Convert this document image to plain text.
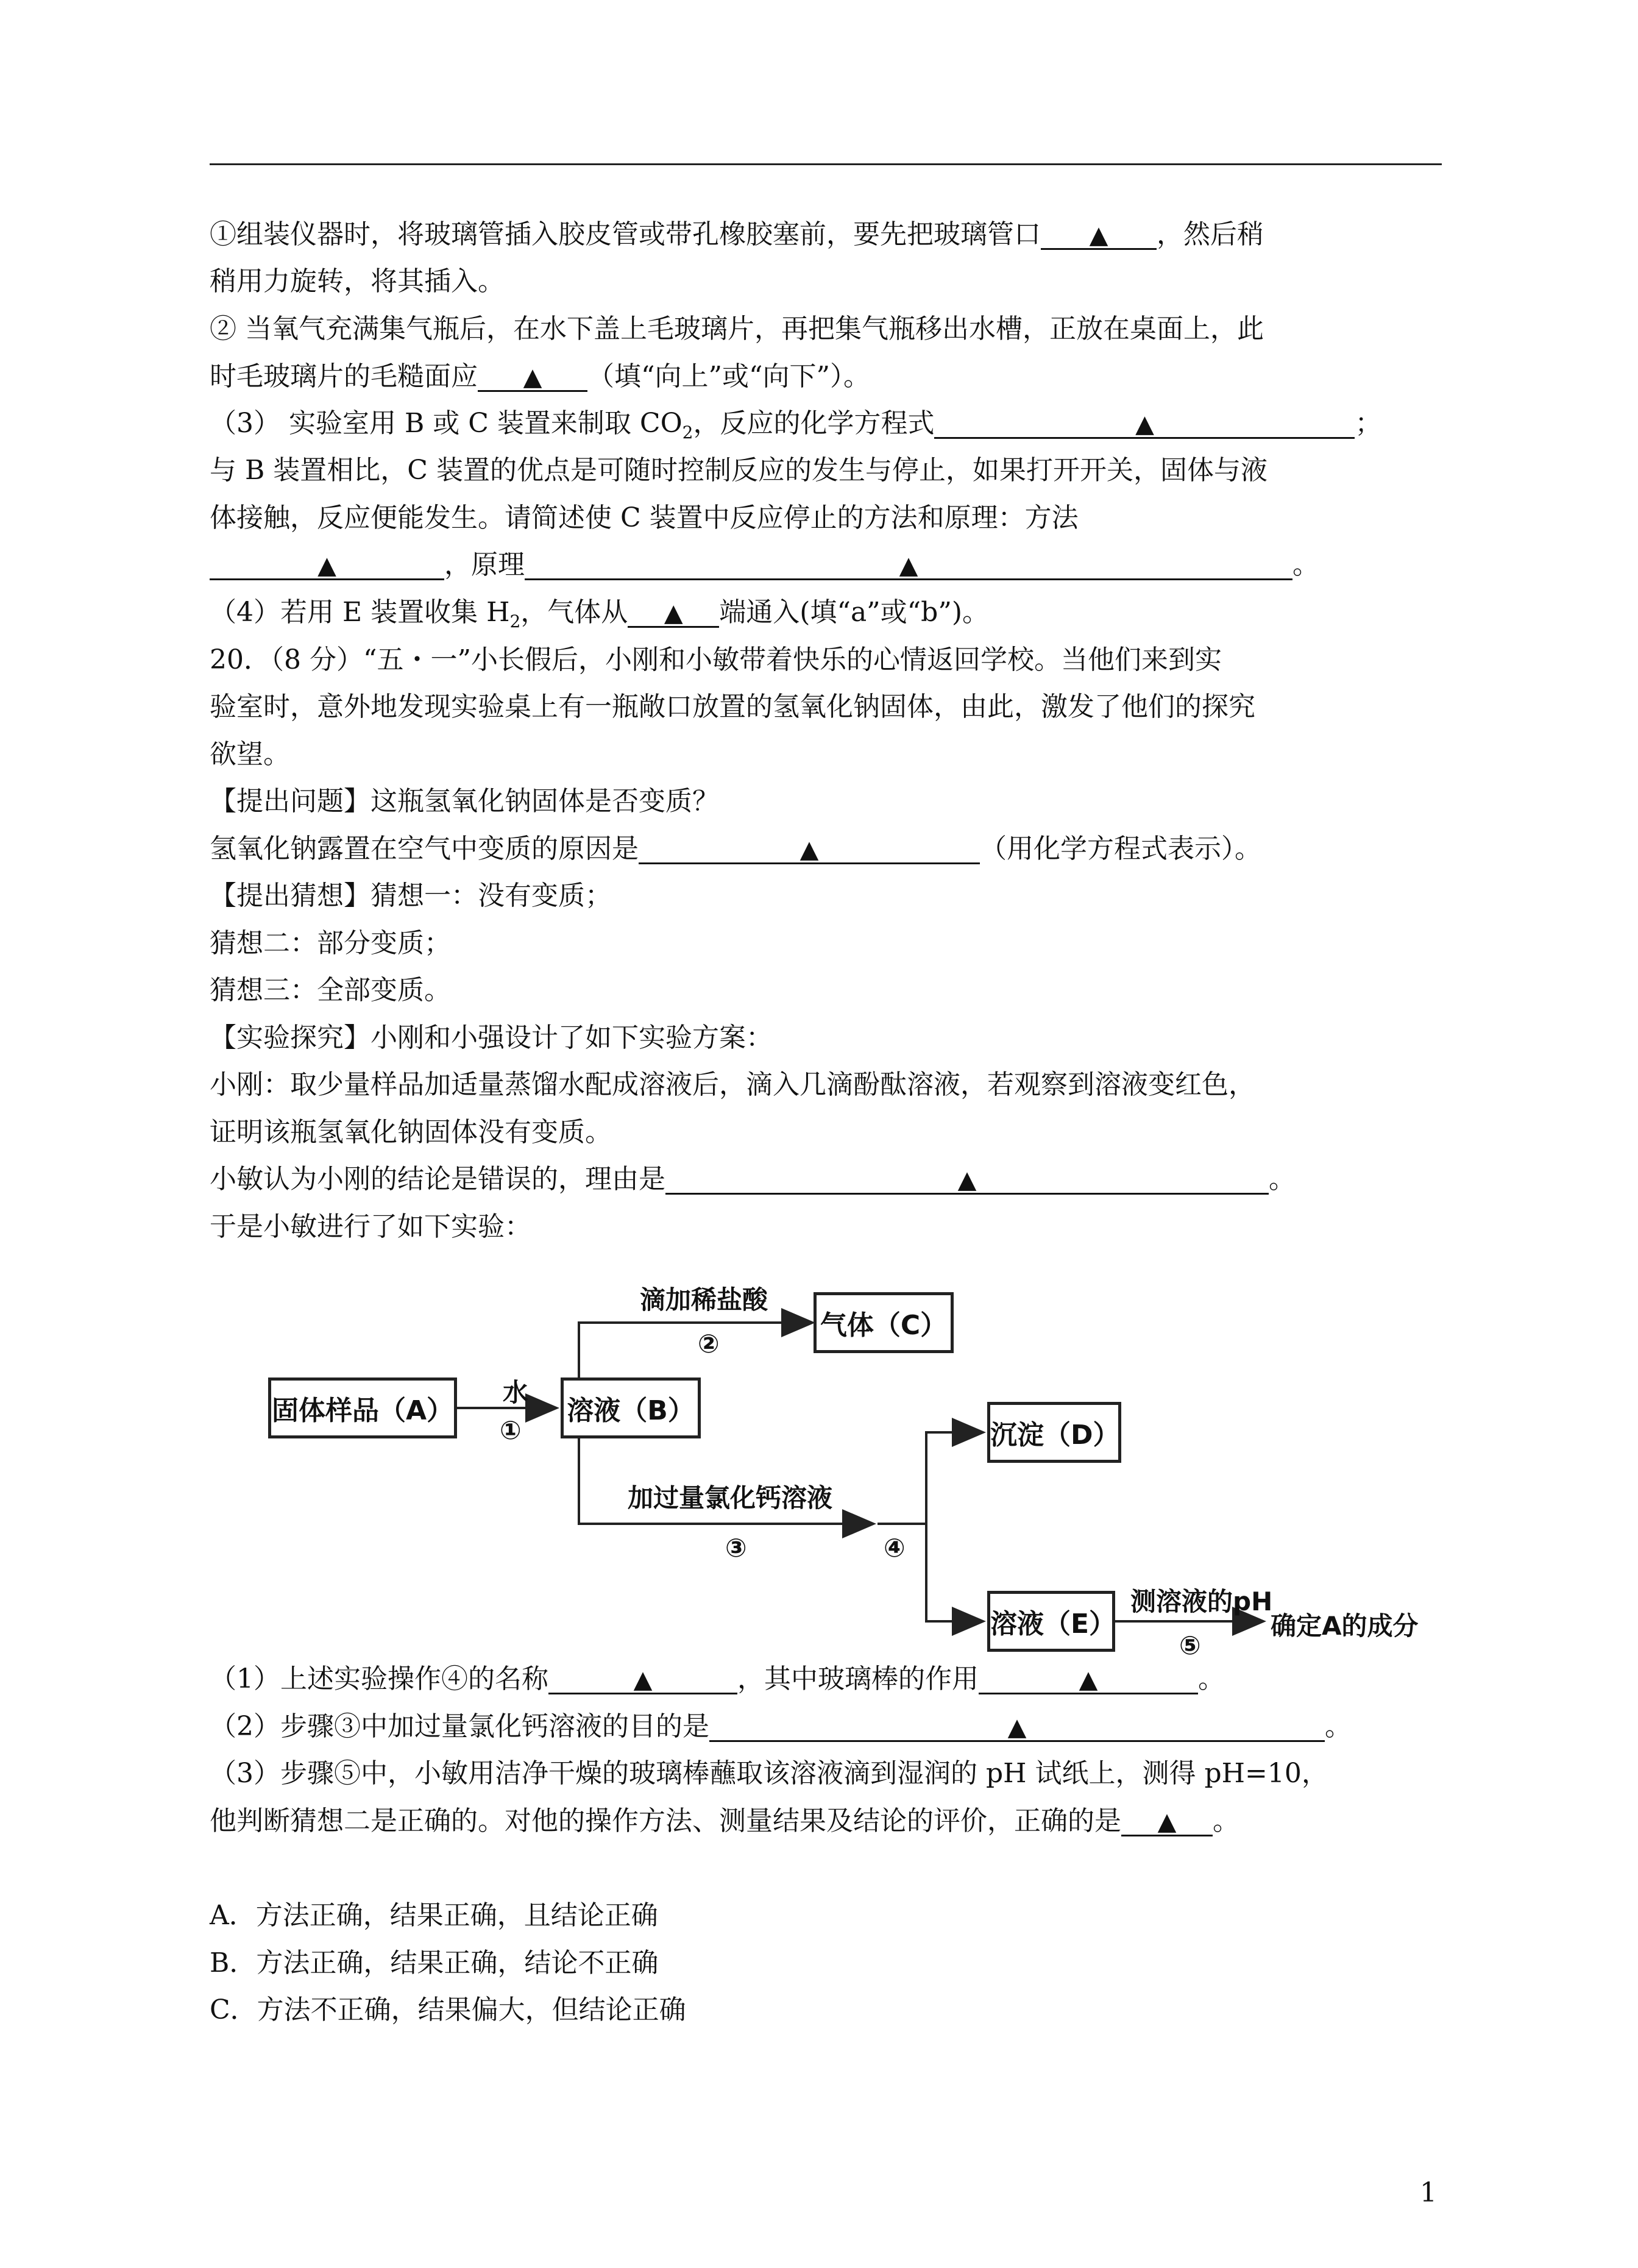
①组装仪器时，将玻璃管插入胶皮管或带孔橡胶塞前，要先把玻璃管口 ▲ ，然后稍
稍用力旋转，将其插入。
② 当氧气充满集气瓶后，在水下盖上毛玻璃片，再把集气瓶移出水槽，正放在桌面上，此
时毛玻璃片的毛糙面应 ▲ （填“向上”或“向下”）。
（3） 实验室用 B 或 C 装置来制取 $CO_2$，反应的化学方程式	▲	；
与 B 装置相比，C 装置的优点是可随时控制反应的发生与停止，如果打开开关，固体与液
体接触，反应便能发生。请简述使 C 装置中反应停止的方法和原理：方法
▲	，原理	▲	。
（4）若用 E 装置收集 $H_2$，气体从 ▲ 端通入(填“a”或“b”)。
20．（8 分）“五・一”小长假后，小刚和小敏带着快乐的心情返回学校。当他们来到实
验室时，意外地发现实验桌上有一瓶敞口放置的氢氧化钠固体，由此，激发了他们的探究
欲望。
【提出问题】这瓶氢氧化钠固体是否变质？
氢氧化钠露置在空气中变质的原因是	▲	（用化学方程式表示）。
【提出猜想】猜想一：没有变质；
猜想二：部分变质；
猜想三：全部变质。
【实验探究】小刚和小强设计了如下实验方案：
小刚：取少量样品加适量蒸馏水配成溶液后，滴入几滴酚酞溶液，若观察到溶液变红色，
证明该瓶氢氧化钠固体没有变质。
小敏认为小刚的结论是错误的，理由是	▲	。
于是小敏进行了如下实验：
固体样品（A）	溶液（B）
气体（C）
沉淀（D）
溶液（E）
水
①
滴加稀盐酸
②
加过量氯化钙溶液
③	④
测溶液的pH
⑤
确定A的成分
（1）上述实验操作④的名称	▲	，其中玻璃棒的作用	▲	。
（2）步骤③中加过量氯化钙溶液的目的是	▲	。
（3）步骤⑤中，小敏用洁净干燥的玻璃棒蘸取该溶液滴到湿润的 pH 试纸上，测得 pH=10，
他判断猜想二是正确的。对他的操作方法、测量结果及结论的评价，正确的是 ▲ 。
A．方法正确，结果正确，且结论正确
B．方法正确，结果正确，结论不正确
C．方法不正确，结果偏大，但结论正确
1
